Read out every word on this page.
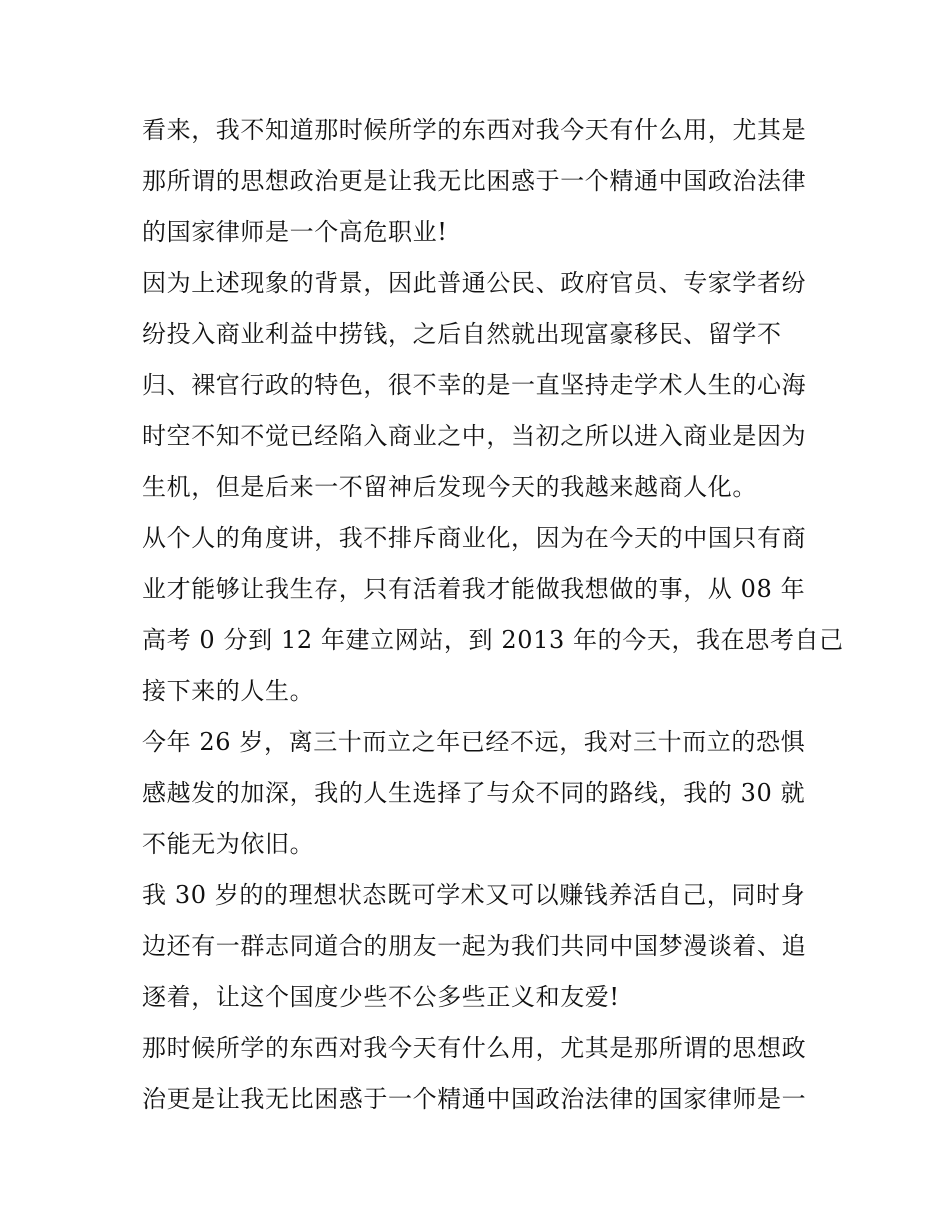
看来，我不知道那时候所学的东西对我今天有什么用，尤其是
那所谓的思想政治更是让我无比困惑于一个精通中国政治法律
的国家律师是一个高危职业!
因为上述现象的背景，因此普通公民、政府官员、专家学者纷
纷投入商业利益中捞钱，之后自然就出现富豪移民、留学不
归、裸官行政的特色，很不幸的是一直坚持走学术人生的心海
时空不知不觉已经陷入商业之中，当初之所以进入商业是因为
生机，但是后来一不留神后发现今天的我越来越商人化。
从个人的角度讲，我不排斥商业化，因为在今天的中国只有商
业才能够让我生存，只有活着我才能做我想做的事，从 08 年
高考 0 分到 12 年建立网站，到 2013 年的今天，我在思考自己
接下来的人生。
今年 26 岁，离三十而立之年已经不远，我对三十而立的恐惧
感越发的加深，我的人生选择了与众不同的路线，我的 30 就
不能无为依旧。
我 30 岁的的理想状态既可学术又可以赚钱养活自己，同时身
边还有一群志同道合的朋友一起为我们共同中国梦漫谈着、追
逐着，让这个国度少些不公多些正义和友爱!
那时候所学的东西对我今天有什么用，尤其是那所谓的思想政
治更是让我无比困惑于一个精通中国政治法律的国家律师是一
